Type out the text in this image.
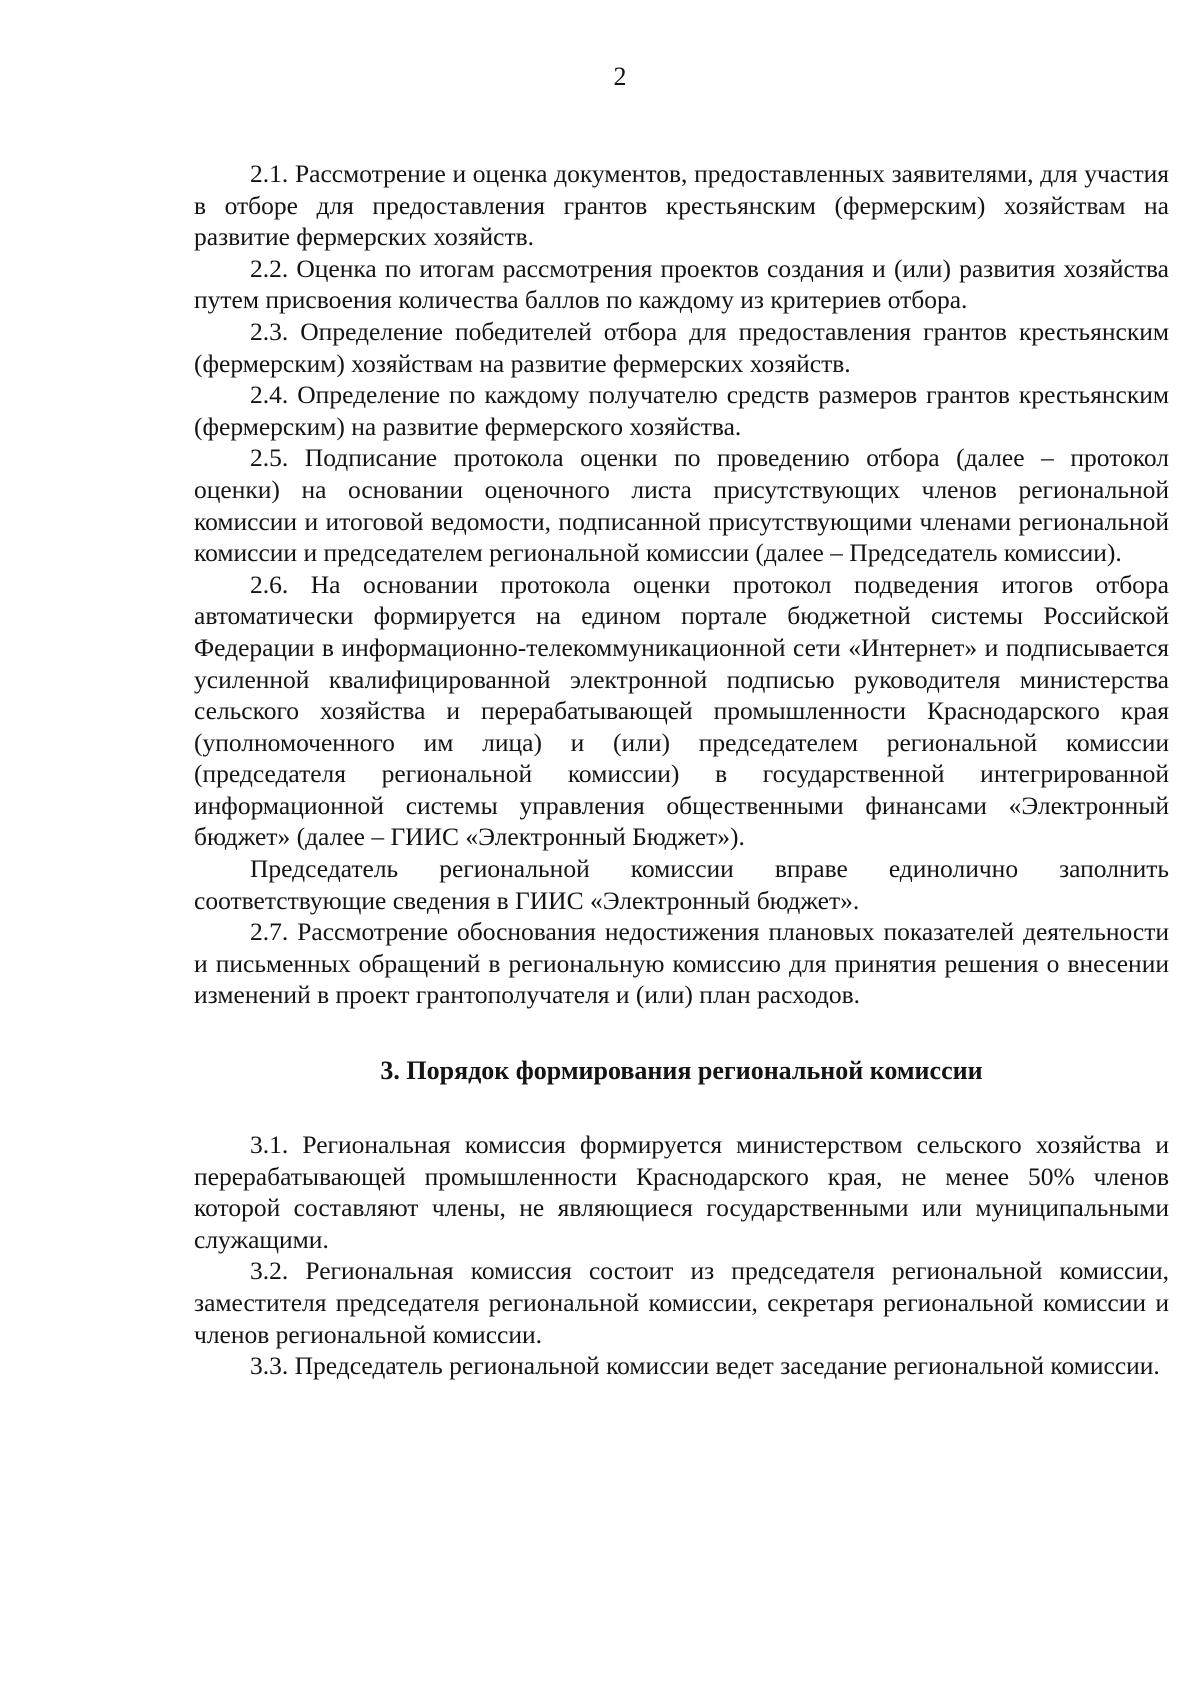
2

2.1. Рассмотрение и оценка документов, предоставленных заявителями, для участия в отборе для предоставления грантов крестьянским (фермерским) хозяйствам на развитие фермерских хозяйств.

2.2. Оценка по итогам рассмотрения проектов создания и (или) развития хозяйства путем присвоения количества баллов по каждому из критериев отбора.

2.3. Определение победителей отбора для предоставления грантов крестьянским (фермерским) хозяйствам на развитие фермерских хозяйств.

2.4. Определение по каждому получателю средств размеров грантов крестьянским (фермерским) на развитие фермерского хозяйства.

2.5. Подписание протокола оценки по проведению отбора (далее – протокол оценки) на основании оценочного листа присутствующих членов региональной комиссии и итоговой ведомости, подписанной присутствующими членами региональной комиссии и председателем региональной комиссии (далее – Председатель комиссии).

2.6. На основании протокола оценки протокол подведения итогов отбора автоматически формируется на едином портале бюджетной системы Российской Федерации в информационно-телекоммуникационной сети «Интернет» и подписывается усиленной квалифицированной электронной подписью руководителя министерства сельского хозяйства и перерабатывающей промышленности Краснодарского края (уполномоченного им лица) и (или) председателем региональной комиссии (председателя региональной комиссии) в государственной интегрированной информационной системы управления общественными финансами «Электронный бюджет» (далее – ГИИС «Электронный Бюджет»).

Председатель региональной комиссии вправе единолично заполнить соответствующие сведения в ГИИС «Электронный бюджет».

2.7. Рассмотрение обоснования недостижения плановых показателей деятельности и письменных обращений в региональную комиссию для принятия решения о внесении изменений в проект грантополучателя и (или) план расходов.

3. Порядок формирования региональной комиссии

3.1. Региональная комиссия формируется министерством сельского хозяйства и перерабатывающей промышленности Краснодарского края, не менее 50% членов которой составляют члены, не являющиеся государственными или муниципальными служащими.

3.2. Региональная комиссия состоит из председателя региональной комиссии, заместителя председателя региональной комиссии, секретаря региональной комиссии и членов региональной комиссии.

3.3. Председатель региональной комиссии ведет заседание региональной комиссии.
